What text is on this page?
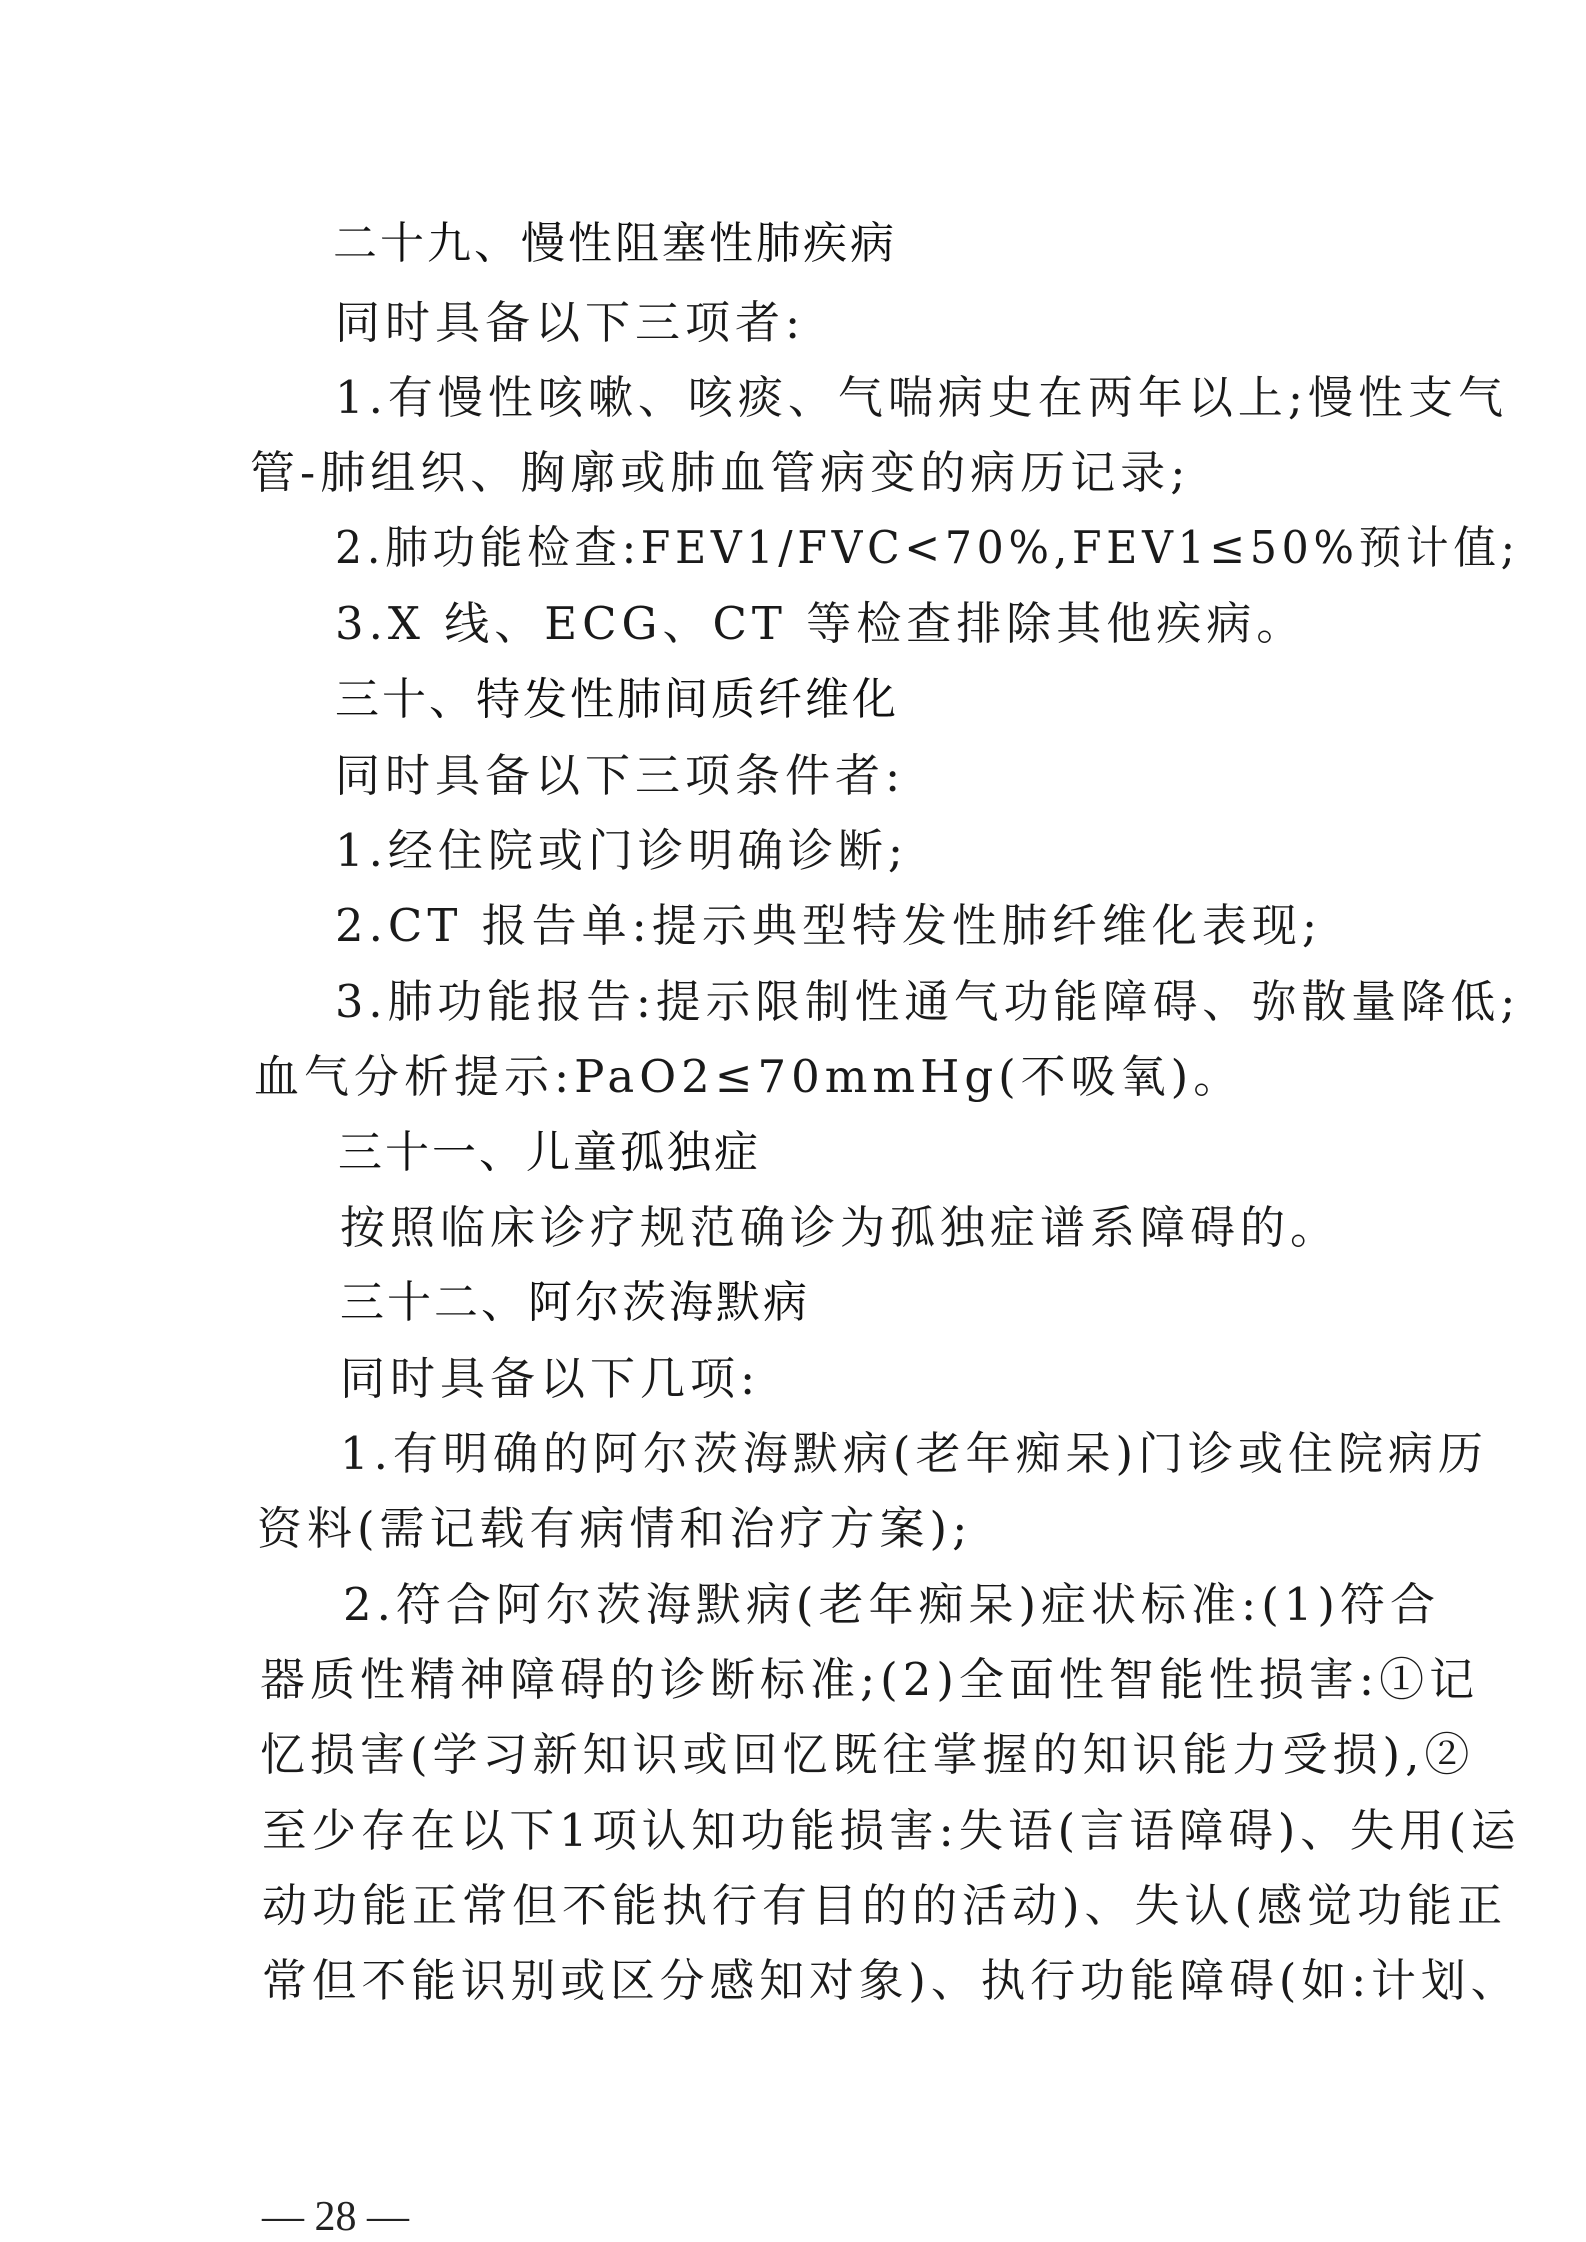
二十九、慢性阻塞性肺疾病
同时具备以下三项者:
1.有慢性咳嗽、咳痰、气喘病史在两年以上;慢性支气
管-肺组织、胸廓或肺血管病变的病历记录;
2.肺功能检查:FEV1/FVC<70%,FEV1≤50%预计值;
3.X 线、ECG、CT 等检查排除其他疾病。
三十、特发性肺间质纤维化
同时具备以下三项条件者:
1.经住院或门诊明确诊断;
2.CT 报告单:提示典型特发性肺纤维化表现;
3.肺功能报告:提示限制性通气功能障碍、弥散量降低;
血气分析提示:PaO2≤70mmHg(不吸氧)。
三十一、儿童孤独症
按照临床诊疗规范确诊为孤独症谱系障碍的。
三十二、阿尔茨海默病
同时具备以下几项:
1.有明确的阿尔茨海默病(老年痴呆)门诊或住院病历
资料(需记载有病情和治疗方案);
2.符合阿尔茨海默病(老年痴呆)症状标准:(1)符合
器质性精神障碍的诊断标准;(2)全面性智能性损害:①记
忆损害(学习新知识或回忆既往掌握的知识能力受损),②
至少存在以下1项认知功能损害:失语(言语障碍)、失用(运
动功能正常但不能执行有目的的活动)、失认(感觉功能正
常但不能识别或区分感知对象)、执行功能障碍(如:计划、
— 28 —
